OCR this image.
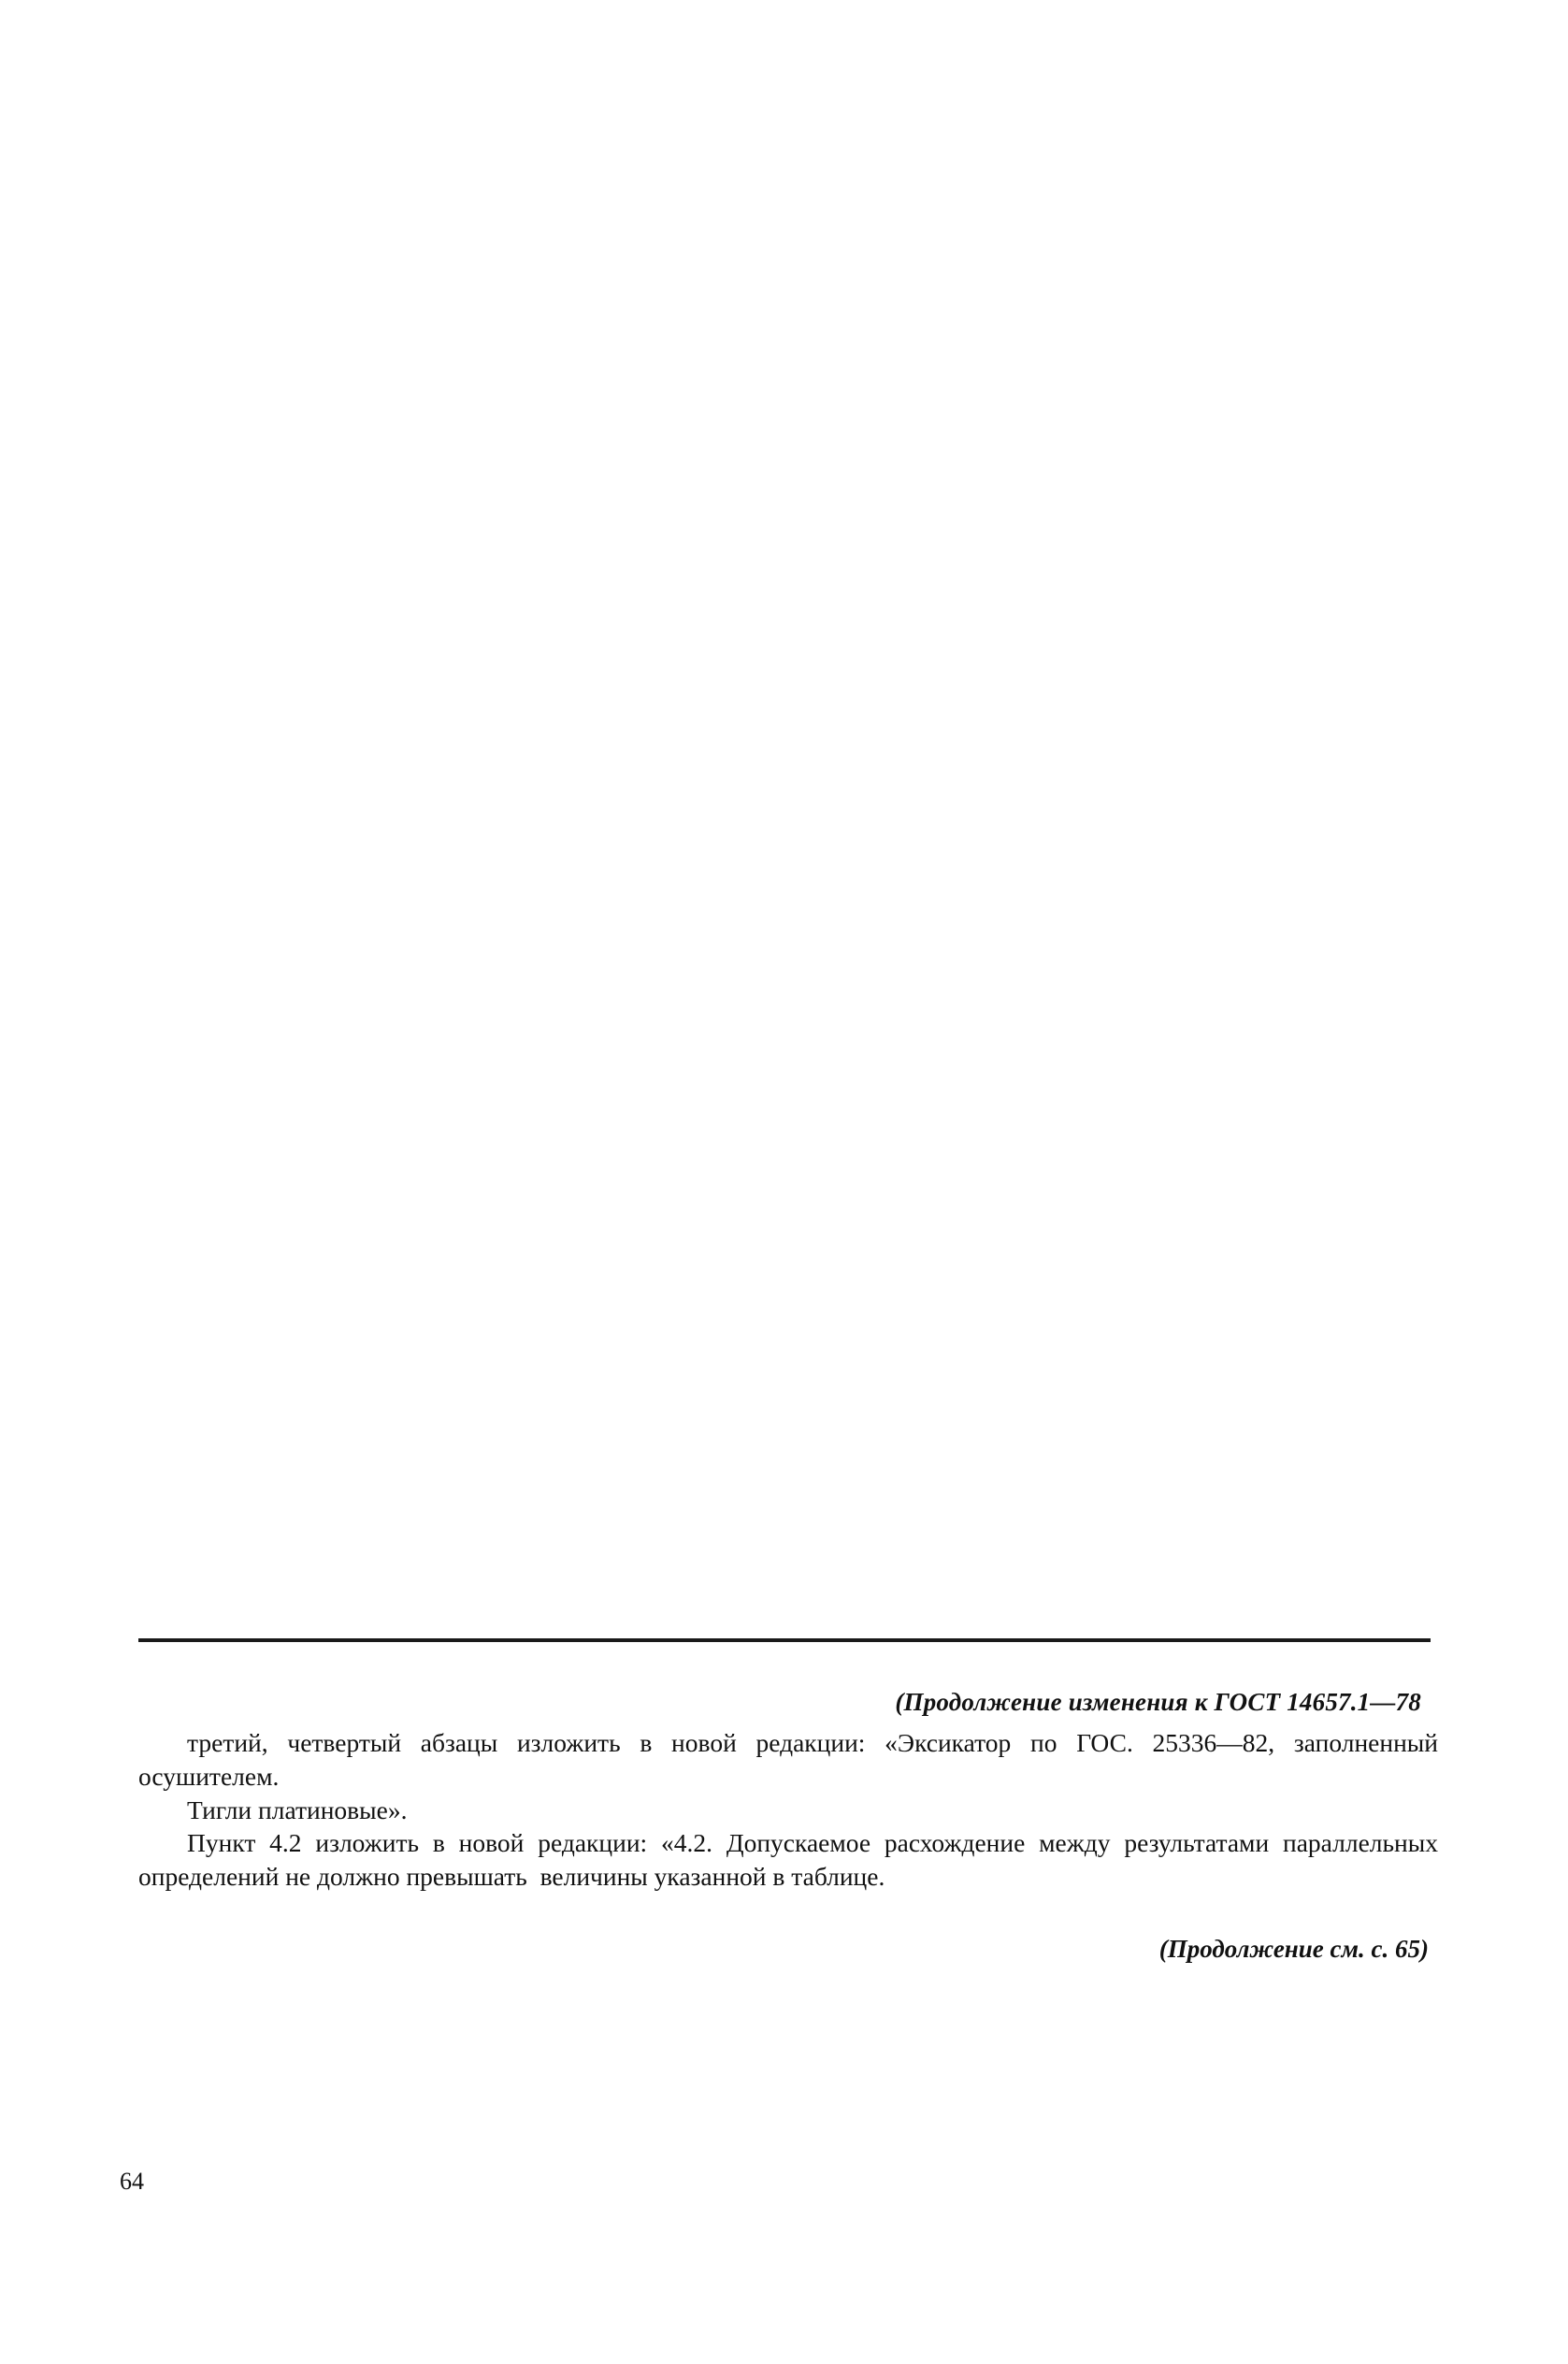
(Продолжение изменения к ГОСТ 14657.1—78

третий, четвертый абзацы изложить в новой редакции: «Эксикатор по ГОС. 25336—82, заполненный осушителем.

Тигли платиновые».

Пункт 4.2 изложить в новой редакции: «4.2. Допускаемое расхождение между результатами параллельных определений не должно превышать  величины указанной в таблице.

(Продолжение см. с. 65)
64
